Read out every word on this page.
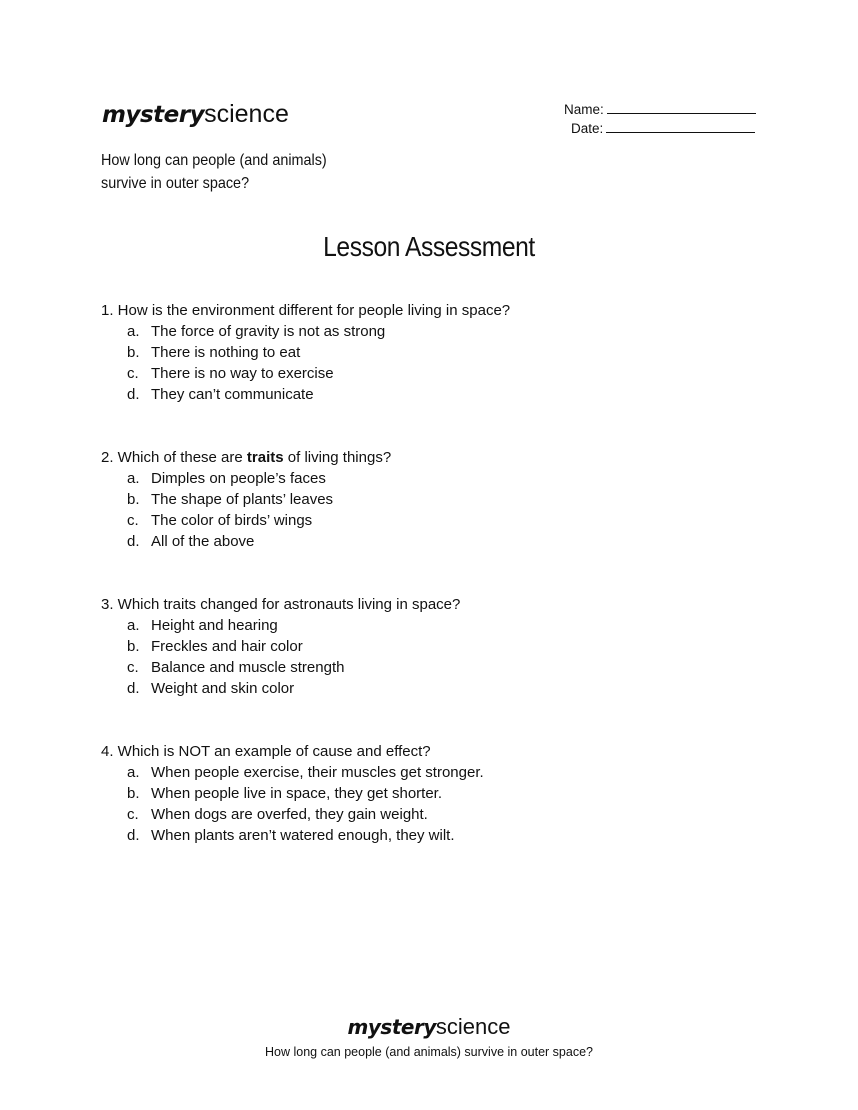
mysteryscience
How long can people (and animals) survive in outer space?
Name:
Date:
Lesson Assessment
1. How is the environment different for people living in space?
a. The force of gravity is not as strong
b. There is nothing to eat
c. There is no way to exercise
d. They can’t communicate
2. Which of these are traits of living things?
a. Dimples on people’s faces
b. The shape of plants’ leaves
c. The color of birds’ wings
d. All of the above
3. Which traits changed for astronauts living in space?
a. Height and hearing
b. Freckles and hair color
c. Balance and muscle strength
d. Weight and skin color
4. Which is NOT an example of cause and effect?
a. When people exercise, their muscles get stronger.
b. When people live in space, they get shorter.
c. When dogs are overfed, they gain weight.
d. When plants aren’t watered enough, they wilt.
mysteryscience
How long can people (and animals) survive in outer space?
